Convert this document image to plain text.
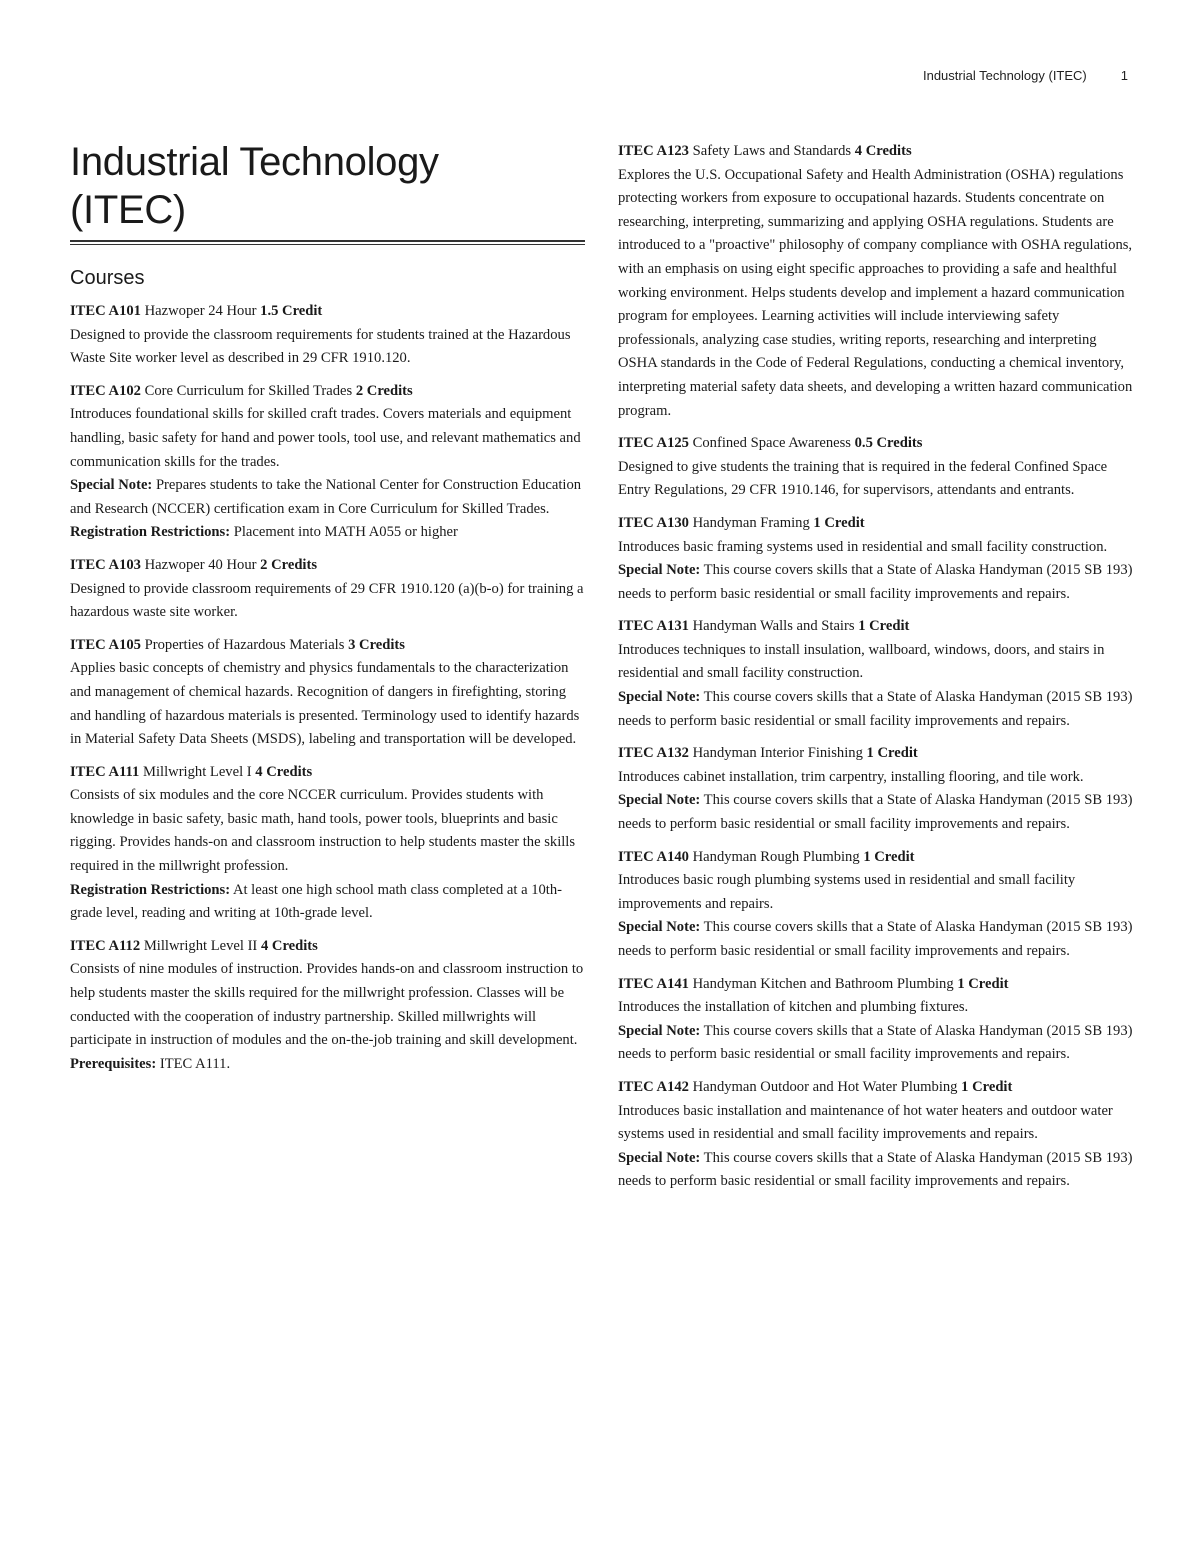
Industrial Technology (ITEC)	1
Industrial Technology
(ITEC)
Courses

ITEC A101 Hazwoper 24 Hour 1.5 Credit

Designed to provide the classroom requirements for students trained at the Hazardous Waste Site worker level as described in 29 CFR 1910.120.

ITEC A102 Core Curriculum for Skilled Trades 2 Credits

Introduces foundational skills for skilled craft trades. Covers materials and equipment handling, basic safety for hand and power tools, tool use, and relevant mathematics and communication skills for the trades.

Special Note: Prepares students to take the National Center for Construction Education and Research (NCCER) certification exam in Core Curriculum for Skilled Trades.

Registration Restrictions: Placement into MATH A055 or higher

ITEC A103 Hazwoper 40 Hour 2 Credits

Designed to provide classroom requirements of 29 CFR 1910.120 (a)(b-o) for training a hazardous waste site worker.

ITEC A105 Properties of Hazardous Materials 3 Credits

Applies basic concepts of chemistry and physics fundamentals to the characterization and management of chemical hazards. Recognition of dangers in firefighting, storing and handling of hazardous materials is presented. Terminology used to identify hazards in Material Safety Data Sheets (MSDS), labeling and transportation will be developed.

ITEC A111 Millwright Level I 4 Credits

Consists of six modules and the core NCCER curriculum. Provides students with knowledge in basic safety, basic math, hand tools, power tools, blueprints and basic rigging. Provides hands-on and classroom instruction to help students master the skills required in the millwright profession.

Registration Restrictions: At least one high school math class completed at a 10th-grade level, reading and writing at 10th-grade level.

ITEC A112 Millwright Level II 4 Credits

Consists of nine modules of instruction. Provides hands-on and classroom instruction to help students master the skills required for the millwright profession. Classes will be conducted with the cooperation of industry partnership. Skilled millwrights will participate in instruction of modules and the on-the-job training and skill development.

Prerequisites: ITEC A111.

ITEC A123 Safety Laws and Standards 4 Credits

Explores the U.S. Occupational Safety and Health Administration (OSHA) regulations protecting workers from exposure to occupational hazards. Students concentrate on researching, interpreting, summarizing and applying OSHA regulations. Students are introduced to a "proactive" philosophy of company compliance with OSHA regulations, with an emphasis on using eight specific approaches to providing a safe and healthful working environment. Helps students develop and implement a hazard communication program for employees. Learning activities will include interviewing safety professionals, analyzing case studies, writing reports, researching and interpreting OSHA standards in the Code of Federal Regulations, conducting a chemical inventory, interpreting material safety data sheets, and developing a written hazard communication program.

ITEC A125 Confined Space Awareness 0.5 Credits

Designed to give students the training that is required in the federal Confined Space Entry Regulations, 29 CFR 1910.146, for supervisors, attendants and entrants.

ITEC A130 Handyman Framing 1 Credit

Introduces basic framing systems used in residential and small facility construction.

Special Note: This course covers skills that a State of Alaska Handyman (2015 SB 193) needs to perform basic residential or small facility improvements and repairs.

ITEC A131 Handyman Walls and Stairs 1 Credit

Introduces techniques to install insulation, wallboard, windows, doors, and stairs in residential and small facility construction.

Special Note: This course covers skills that a State of Alaska Handyman (2015 SB 193) needs to perform basic residential or small facility improvements and repairs.

ITEC A132 Handyman Interior Finishing 1 Credit

Introduces cabinet installation, trim carpentry, installing flooring, and tile work.

Special Note: This course covers skills that a State of Alaska Handyman (2015 SB 193) needs to perform basic residential or small facility improvements and repairs.

ITEC A140 Handyman Rough Plumbing 1 Credit

Introduces basic rough plumbing systems used in residential and small facility improvements and repairs.

Special Note: This course covers skills that a State of Alaska Handyman (2015 SB 193) needs to perform basic residential or small facility improvements and repairs.

ITEC A141 Handyman Kitchen and Bathroom Plumbing 1 Credit

Introduces the installation of kitchen and plumbing fixtures.

Special Note: This course covers skills that a State of Alaska Handyman (2015 SB 193) needs to perform basic residential or small facility improvements and repairs.

ITEC A142 Handyman Outdoor and Hot Water Plumbing 1 Credit

Introduces basic installation and maintenance of hot water heaters and outdoor water systems used in residential and small facility improvements and repairs.

Special Note: This course covers skills that a State of Alaska Handyman (2015 SB 193) needs to perform basic residential or small facility improvements and repairs.
